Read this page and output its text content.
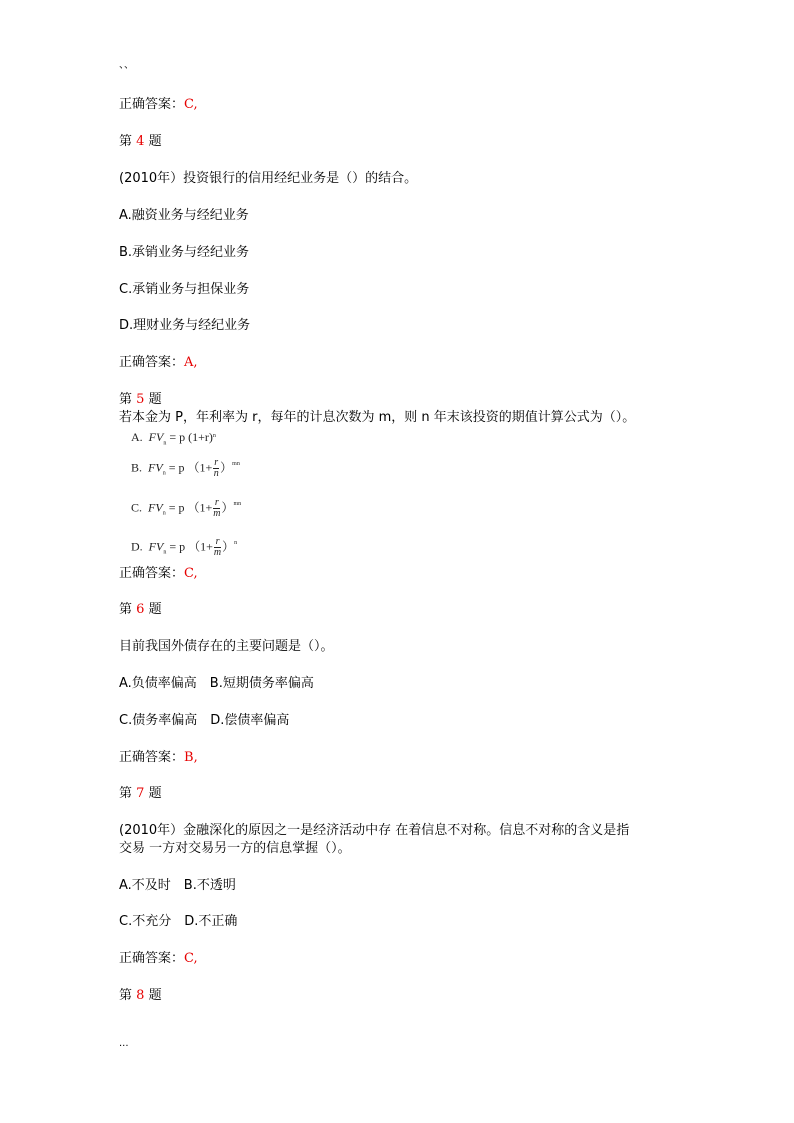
、、
正确答案：C,
第 4 题
(2010年）投资银行的信用经纪业务是（）的结合。
A.融资业务与经纪业务
B.承销业务与经纪业务
C.承销业务与担保业务
D.理财业务与经纪业务
正确答案：A,
第 5 题
若本金为 P，年利率为 r，每年的计息次数为 m，则 n 年末该投资的期值计算公式为（）。
A. $FV_n = p$ $(1+r)^n$
B. $FV_n = p$ $(1+ \frac{r}{n} )^{mn}$
C. $FV_n = p$ $(1+ \frac{r}{m} )^{mn}$
D. $FV_n = p$ $(1+ \frac{r}{m} )^n$
正确答案：C,
第 6 题
目前我国外债存在的主要问题是（）。
A.负债率偏高　B.短期债务率偏高
C.债务率偏高　D.偿债率偏高
正确答案：B,
第 7 题
(2010年）金融深化的原因之一是经济活动中存 在着信息不对称。信息不对称的含义是指
交易 一方对交易另一方的信息掌握（）。
A.不及时　B.不透明
C.不充分　D.不正确
正确答案：C,
第 8 题
...
